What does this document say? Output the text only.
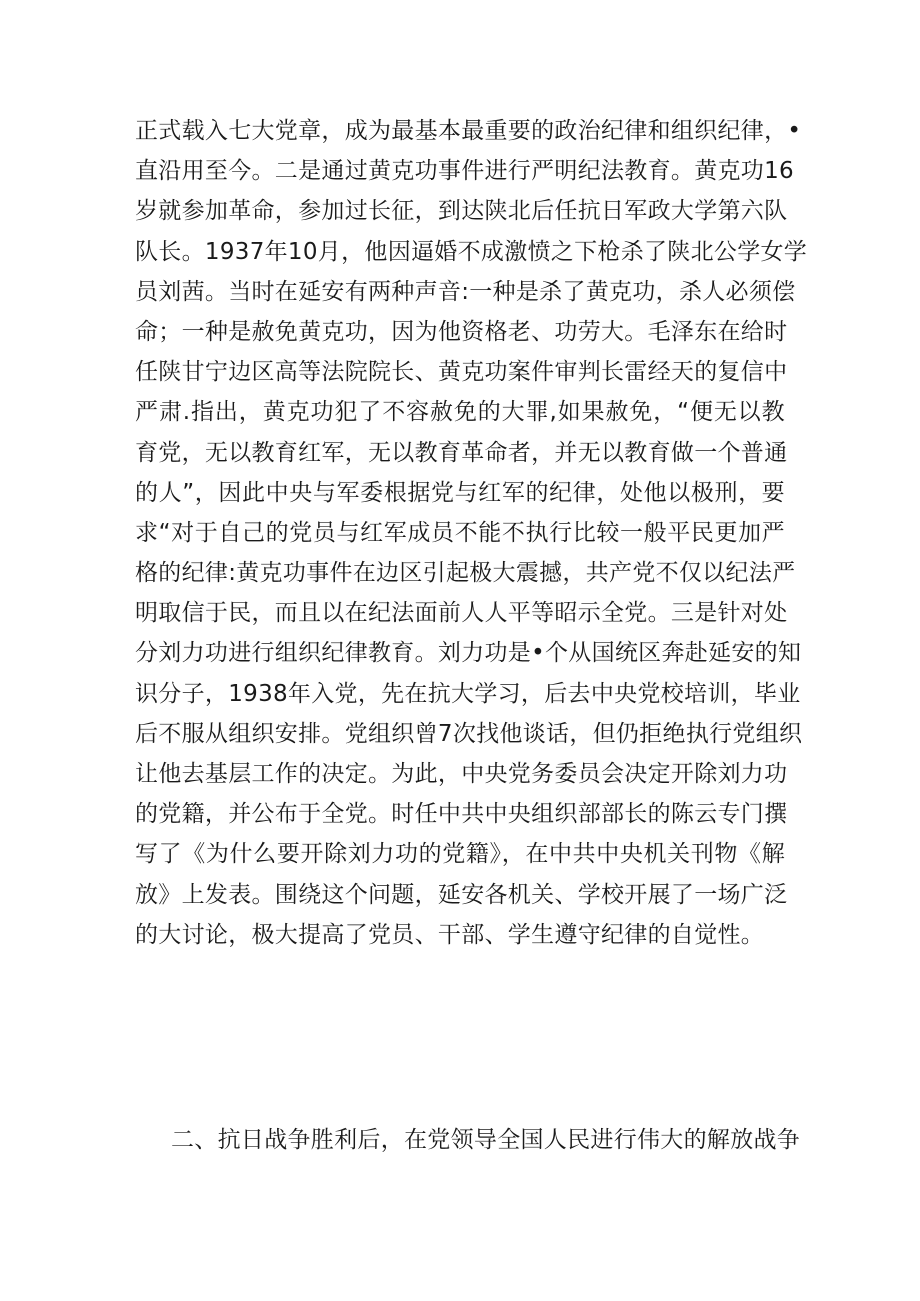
正式载入七大党章，成为最基本最重要的政治纪律和组织纪律，•
直沿用至今。二是通过黄克功事件进行严明纪法教育。黄克功16
岁就参加革命，参加过长征，到达陕北后任抗日军政大学第六队
队长。1937年10月，他因逼婚不成激愤之下枪杀了陕北公学女学
员刘茜。当时在延安有两种声音:一种是杀了黄克功，杀人必须偿
命；一种是赦免黄克功，因为他资格老、功劳大。毛泽东在给时
任陕甘宁边区高等法院院长、黄克功案件审判长雷经天的复信中
严肃.指出，黄克功犯了不容赦免的大罪,如果赦免，“便无以教
育党，无以教育红军，无以教育革命者，并无以教育做一个普通
的人”，因此中央与军委根据党与红军的纪律，处他以极刑，要
求“对于自己的党员与红军成员不能不执行比较一般平民更加严
格的纪律:黄克功事件在边区引起极大震撼，共产党不仅以纪法严
明取信于民，而且以在纪法面前人人平等昭示全党。三是针对处
分刘力功进行组织纪律教育。刘力功是•个从国统区奔赴延安的知
识分子，1938年入党，先在抗大学习，后去中央党校培训，毕业
后不服从组织安排。党组织曾7次找他谈话，但仍拒绝执行党组织
让他去基层工作的决定。为此，中央党务委员会决定开除刘力功
的党籍，并公布于全党。时任中共中央组织部部长的陈云专门撰
写了《为什么要开除刘力功的党籍》，在中共中央机关刊物《解
放》上发表。围绕这个问题，延安各机关、学校开展了一场广泛
的大讨论，极大提高了党员、干部、学生遵守纪律的自觉性。
二、抗日战争胜利后，在党领导全国人民进行伟大的解放战争
